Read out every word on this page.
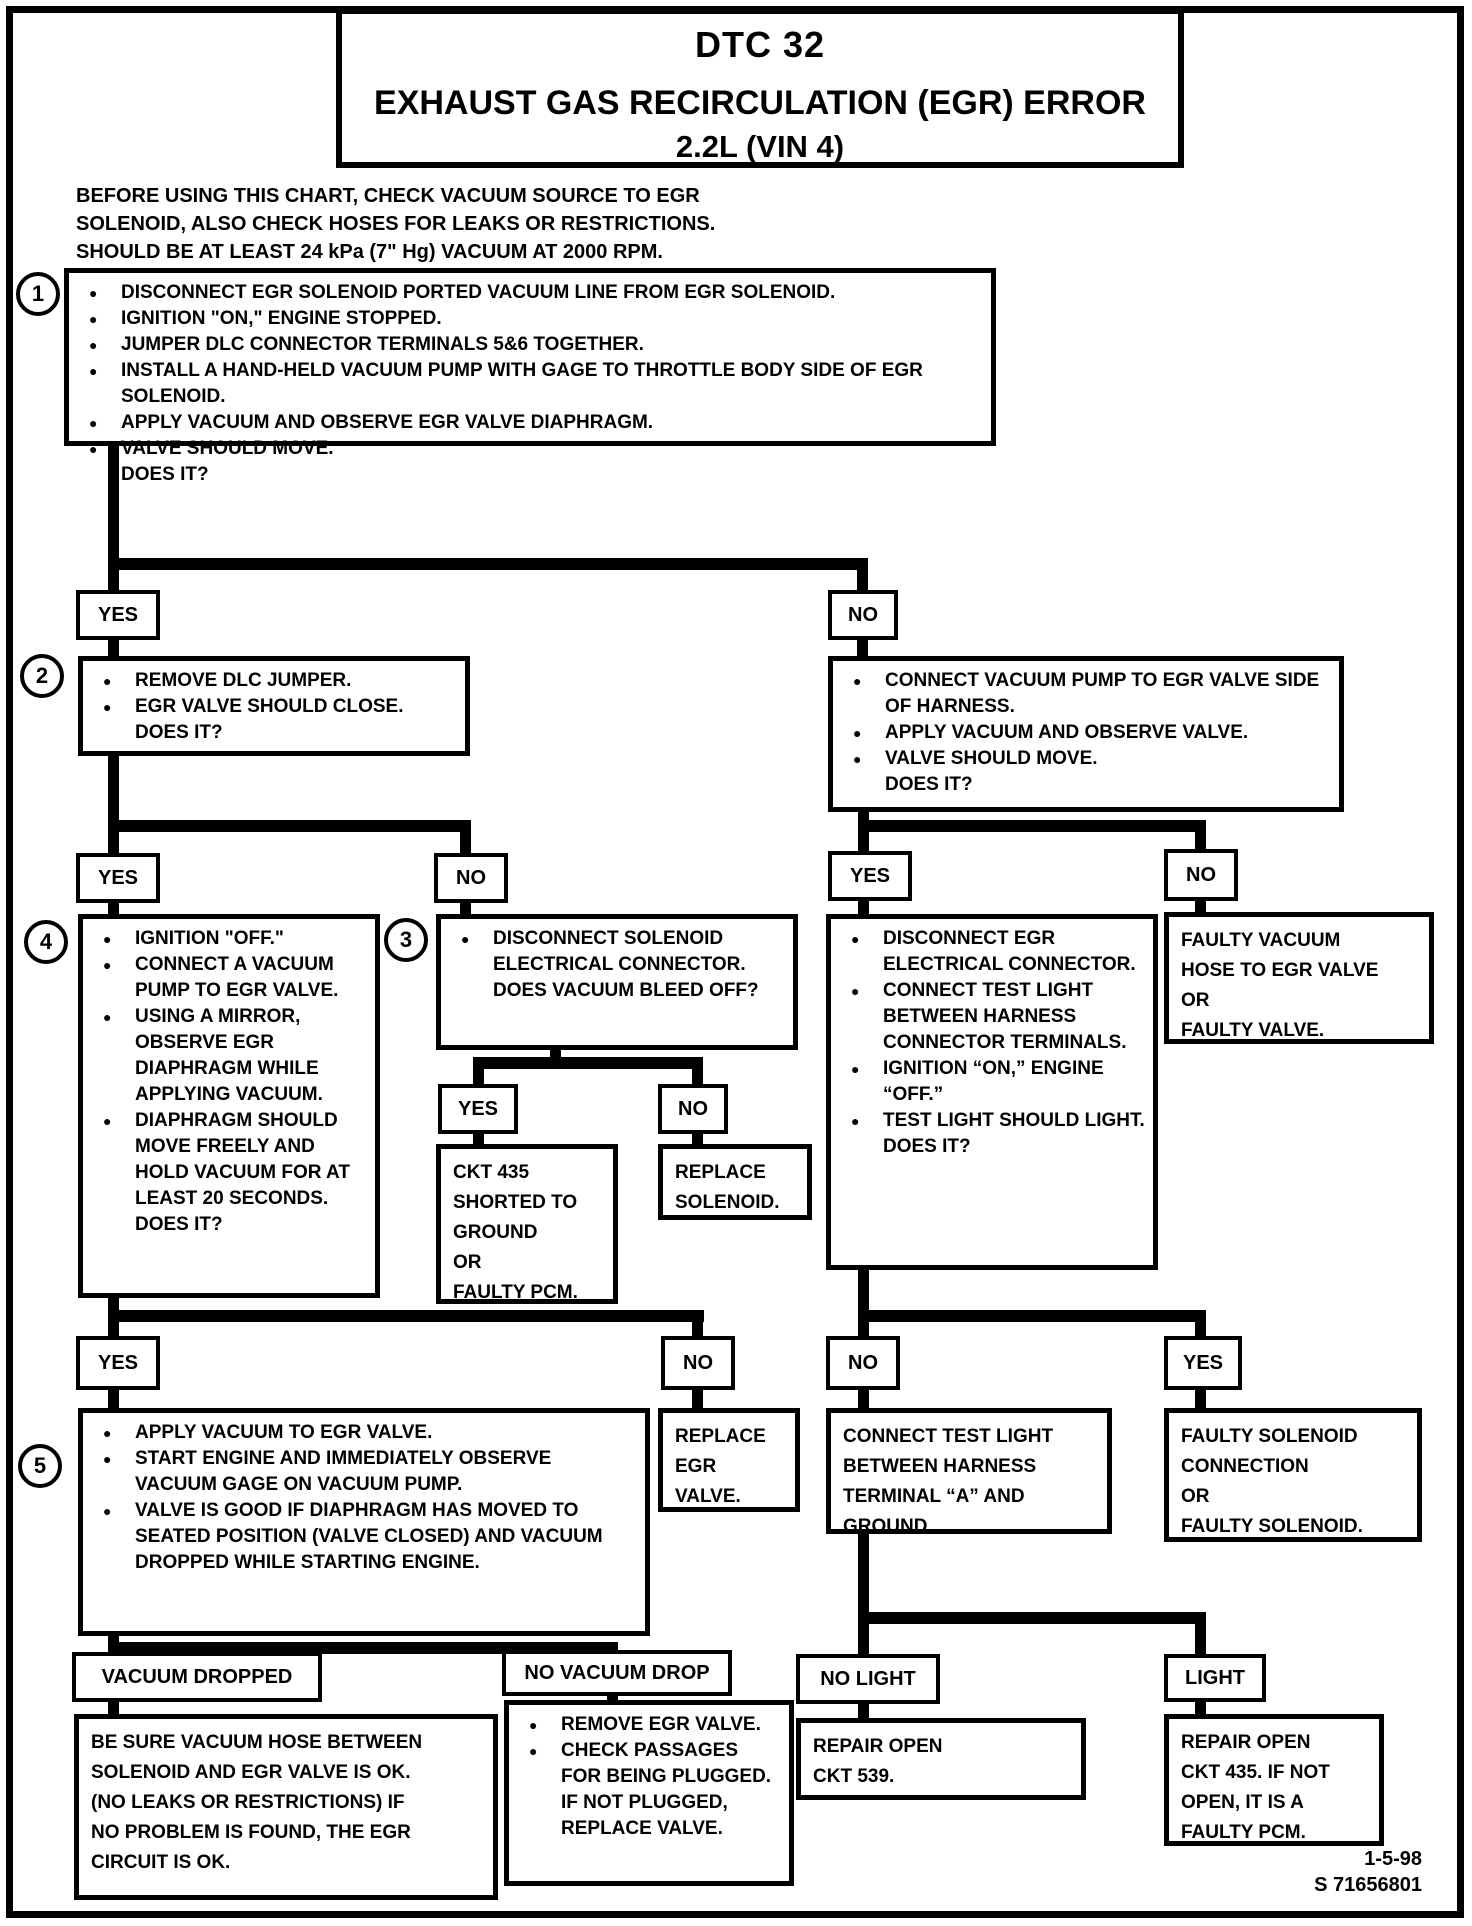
DTC 32
EXHAUST GAS RECIRCULATION (EGR) ERROR
2.2L (VIN 4)
BEFORE USING THIS CHART, CHECK VACUUM SOURCE TO EGR
SOLENOID, ALSO CHECK HOSES FOR LEAKS OR RESTRICTIONS.
SHOULD BE AT LEAST 24 kPa (7" Hg) VACUUM AT 2000 RPM.
1
2
4	3
5
●
DISCONNECT EGR SOLENOID PORTED VACUUM LINE FROM EGR SOLENOID.
●
IGNITION "ON," ENGINE STOPPED.
●
JUMPER DLC CONNECTOR TERMINALS 5&6 TOGETHER.
●
INSTALL A HAND-HELD VACUUM PUMP WITH GAGE TO THROTTLE BODY SIDE OF EGR SOLENOID.
●
APPLY VACUUM AND OBSERVE EGR VALVE DIAPHRAGM.
●
VALVE SHOULD MOVE.
DOES IT?
YES	NO
●
REMOVE DLC JUMPER.
●
EGR VALVE SHOULD CLOSE.
DOES IT?
●
CONNECT VACUUM PUMP TO EGR VALVE SIDE OF HARNESS.
●
APPLY VACUUM AND OBSERVE VALVE.
●
VALVE SHOULD MOVE.
DOES IT?
YES	NO	YES	NO
●
IGNITION "OFF."
●
CONNECT A VACUUM PUMP TO EGR VALVE.
●
USING A MIRROR, OBSERVE EGR DIAPHRAGM WHILE APPLYING VACUUM.
●
DIAPHRAGM SHOULD MOVE FREELY AND HOLD VACUUM FOR AT LEAST 20 SECONDS.
DOES IT?
●
DISCONNECT SOLENOID ELECTRICAL CONNECTOR. DOES VACUUM BLEED OFF?
●
DISCONNECT EGR ELECTRICAL CONNECTOR.
●
CONNECT TEST LIGHT BETWEEN HARNESS CONNECTOR TERMINALS.
●
IGNITION “ON,” ENGINE “OFF.”
●
TEST LIGHT SHOULD LIGHT.
DOES IT?
FAULTY VACUUM
HOSE TO EGR VALVE
OR
FAULTY VALVE.
YES	NO
CKT 435
SHORTED TO
GROUND
OR
FAULTY PCM.
REPLACE
SOLENOID.
YES	NO	NO	YES
●
APPLY VACUUM TO EGR VALVE.
●
START ENGINE AND IMMEDIATELY OBSERVE VACUUM GAGE ON VACUUM PUMP.
●
VALVE IS GOOD IF DIAPHRAGM HAS MOVED TO SEATED POSITION (VALVE CLOSED) AND VACUUM DROPPED WHILE STARTING ENGINE.
REPLACE
EGR
VALVE.
CONNECT TEST LIGHT
BETWEEN HARNESS
TERMINAL “A” AND
GROUND.
FAULTY SOLENOID
CONNECTION
OR
FAULTY SOLENOID.
VACUUM DROPPED	NO VACUUM DROP	NO LIGHT	LIGHT
BE SURE VACUUM HOSE BETWEEN
SOLENOID AND EGR VALVE IS OK.
(NO LEAKS OR RESTRICTIONS) IF
NO PROBLEM IS FOUND, THE EGR
CIRCUIT IS OK.
●
REMOVE EGR VALVE.
●
CHECK PASSAGES FOR BEING PLUGGED. IF NOT PLUGGED, REPLACE VALVE.
REPAIR OPEN
CKT 539.
REPAIR OPEN
CKT 435. IF NOT
OPEN, IT IS A
FAULTY PCM.
1-5-98
S 71656801
